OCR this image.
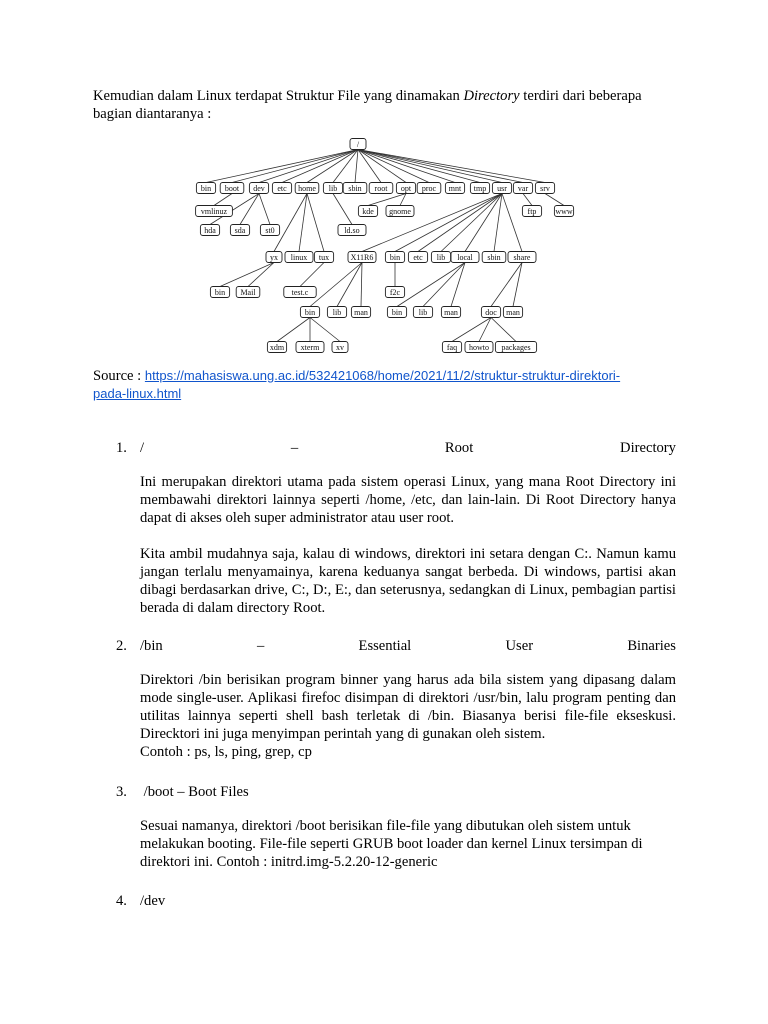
Kemudian dalam Linux terdapat Struktur File yang dinamakan Directory terdiri dari beberapa bagian diantaranya :
/
bin boot dev etc home lib sbin root opt proc mnt tmp usr var srv
vmlinuz
hda sda st0
yx linux tux
bin Mail	test.c
ld.so
kde gnome	ftp www
X11R6 bin etc lib local sbin share
bin lib man
xdm xterm xv
f2c
bin lib man	doc man
faq howto packages
Source : https://mahasiswa.ung.ac.id/532421068/home/2021/11/2/struktur-struktur-direktori-
pada-linux.html
1. /	–	Root	Directory
Ini merupakan direktori utama pada sistem operasi Linux, yang mana Root Directory ini membawahi direktori lainnya seperti /home, /etc, dan lain-lain. Di Root Directory hanya dapat di akses oleh super administrator atau user root.
Kita ambil mudahnya saja, kalau di windows, direktori ini setara dengan C:. Namun kamu jangan terlalu menyamainya, karena keduanya sangat berbeda. Di windows, partisi akan dibagi berdasarkan drive, C:, D:, E:, dan seterusnya, sedangkan di Linux, pembagian partisi berada di dalam directory Root.
2. /bin	–	Essential	User	Binaries
Direktori /bin berisikan program binner yang harus ada bila sistem yang dipasang dalam mode single-user. Aplikasi firefoc disimpan di direktori /usr/bin, lalu program penting dan utilitas lainnya seperti shell bash terletak di /bin. Biasanya berisi file-file ekseskusi. Direcktori ini juga menyimpan perintah yang di gunakan oleh sistem.
Contoh : ps, ls, ping, grep, cp
3. /boot – Boot Files
Sesuai namanya, direktori /boot berisikan file-file yang dibutukan oleh sistem untuk melakukan booting. File-file seperti GRUB boot loader dan kernel Linux tersimpan di direktori ini. Contoh : initrd.img-5.2.20-12-generic
4. /dev
